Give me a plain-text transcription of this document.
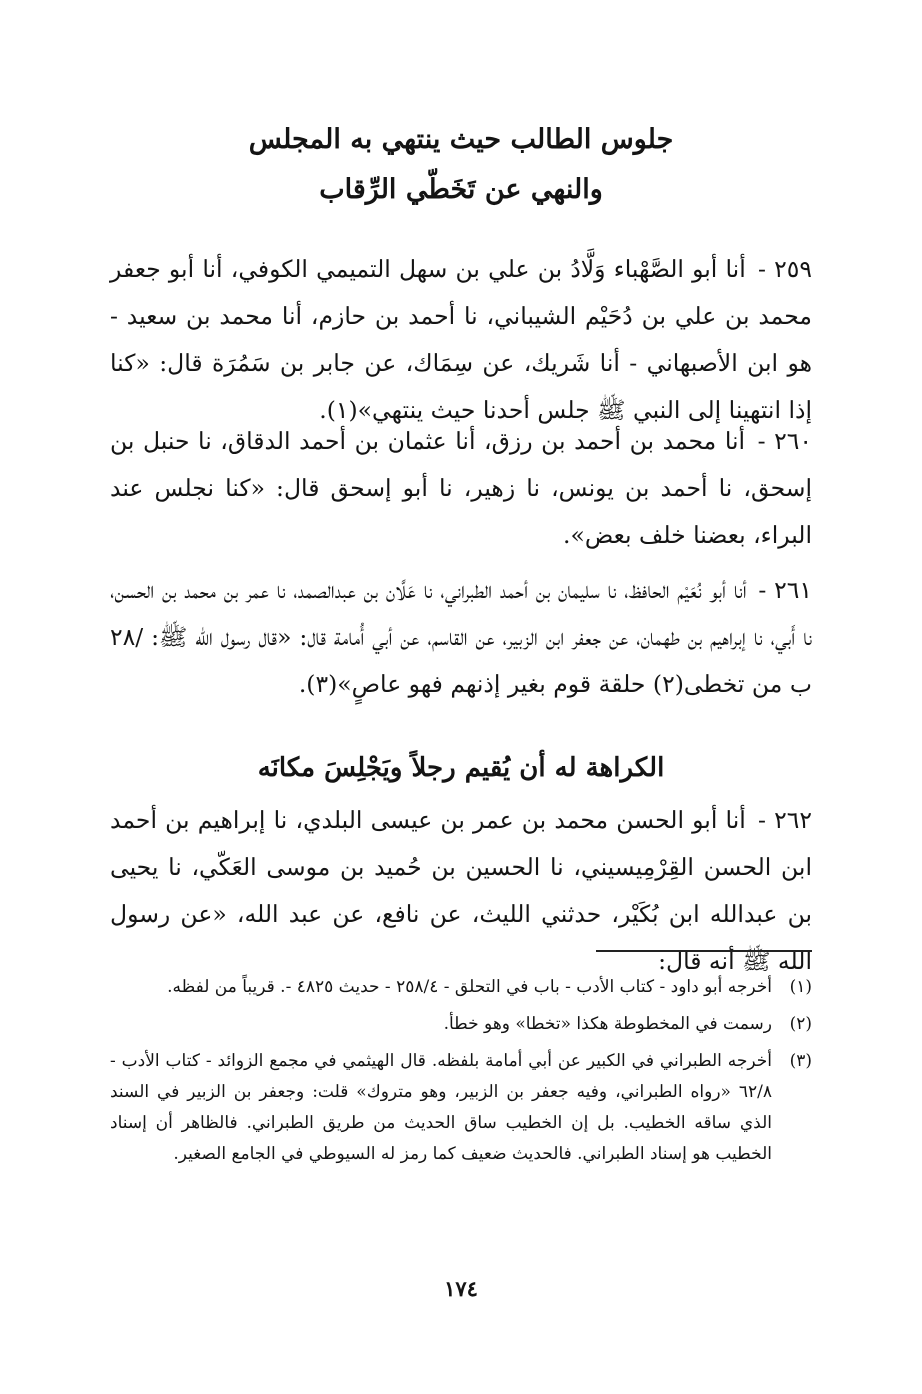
جلوس الطالب حيث ينتهي به المجلس
والنهي عن تَخَطّي الرِّقاب
٢٥٩ - أنا أبو الصَّهْباء وَلَّادُ بن علي بن سهل التميمي الكوفي، أنا أبو جعفر محمد بن علي بن دُحَيْم الشيباني، نا أحمد بن حازم، أنا محمد بن سعيد - هو ابن الأصبهاني - أنا شَريك، عن سِمَاك، عن جابر بن سَمُرَة قال: «كنا إذا انتهينا إلى النبي ﷺ جلس أحدنا حيث ينتهي»(١).
٢٦٠ - أنا محمد بن أحمد بن رزق، أنا عثمان بن أحمد الدقاق، نا حنبل بن إسحق، نا أحمد بن يونس، نا زهير، نا أبو إسحق قال: «كنا نجلس عند البراء، بعضنا خلف بعض».
٢٦١ - أنا أبو نُعَيْم الحافظ، نا سليمان بن أحمد الطبراني، نا عَلَّان بن عبدالصمد، نا عمر بن محمد بن الحسن، نا أَبي، نا إبراهيم بن طهمان، عن جعفر ابن الزبير، عن القاسم، عن أبي أُمامة قال: «قال رسول الله ﷺ: /٢٨ ب من تخطى(٢) حلقة قوم بغير إذنهم فهو عاصٍ»(٣).
الكراهة له أن يُقيم رجلاً ويَجْلِسَ مكانَه
٢٦٢ - أنا أبو الحسن محمد بن عمر بن عيسى البلدي، نا إبراهيم بن أحمد ابن الحسن القِرْمِيسيني، نا الحسين بن حُميد بن موسى العَكّي، نا يحيى بن عبدالله ابن بُكَيْر، حدثني الليث، عن نافع، عن عبد الله، «عن رسول الله ﷺ أنه قال:
(١)
أخرجه أبو داود - كتاب الأدب - باب في التحلق - ٢٥٨/٤ - حديث ٤٨٢٥ -. قريباً من لفظه.
(٢)
رسمت في المخطوطة هكذا «تخطا» وهو خطأ.
(٣)
أخرجه الطبراني في الكبير عن أبي أمامة بلفظه. قال الهيثمي في مجمع الزوائد - كتاب الأدب - ٦٢/٨ «رواه الطبراني، وفيه جعفر بن الزبير، وهو متروك» قلت: وجعفر بن الزبير في السند الذي ساقه الخطيب. بل إن الخطيب ساق الحديث من طريق الطبراني. فالظاهر أن إسناد الخطيب هو إسناد الطبراني. فالحديث ضعيف كما رمز له السيوطي في الجامع الصغير.
١٧٤
